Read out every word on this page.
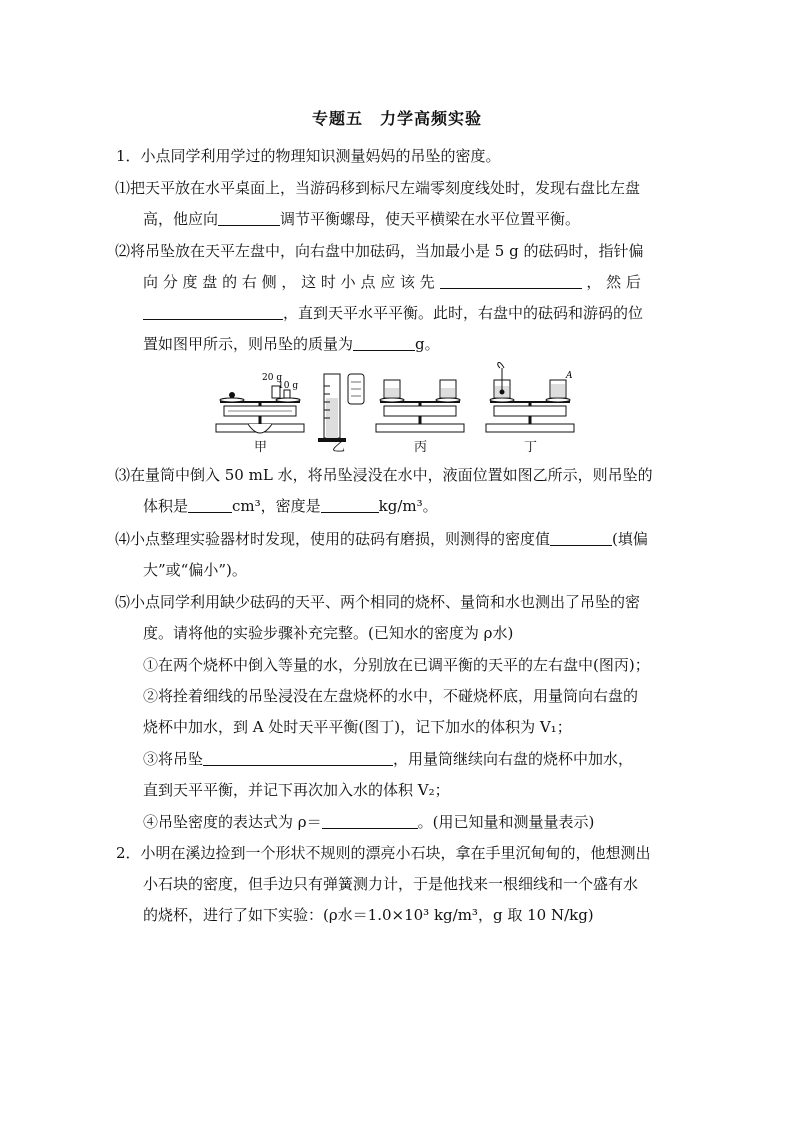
专题五　力学高频实验
1．小点同学利用学过的物理知识测量妈妈的吊坠的密度。
⑴把天平放在水平桌面上，当游码移到标尺左端零刻度线处时，发现右盘比左盘
高，他应向	调节平衡螺母，使天平横梁在水平位置平衡。
⑵将吊坠放在天平左盘中，向右盘中加砝码，当加最小是 5 g 的砝码时，指针偏
向 分 度 盘 的 右 侧 ， 这 时 小 点 应 该 先	， 然 后
，直到天平水平平衡。此时，右盘中的砝码和游码的位
置如图甲所示，则吊坠的质量为	g。
20 g
10 g
A
甲	乙	丙	丁
⑶在量筒中倒入 50 mL 水，将吊坠浸没在水中，液面位置如图乙所示，则吊坠的
体积是	cm³，密度是	kg/m³。
⑷小点整理实验器材时发现，使用的砝码有磨损，则测得的密度值	(填偏
大”或“偏小”)。
⑸小点同学利用缺少砝码的天平、两个相同的烧杯、量筒和水也测出了吊坠的密
度。请将他的实验步骤补充完整。(已知水的密度为 ρ水)
①在两个烧杯中倒入等量的水，分别放在已调平衡的天平的左右盘中(图丙)；
②将拴着细线的吊坠浸没在左盘烧杯的水中，不碰烧杯底，用量筒向右盘的
烧杯中加水，到 A 处时天平平衡(图丁)，记下加水的体积为 V₁；
③将吊坠	，用量筒继续向右盘的烧杯中加水，
直到天平平衡，并记下再次加入水的体积 V₂；
④吊坠密度的表达式为 ρ＝	。(用已知量和测量量表示)
2．小明在溪边捡到一个形状不规则的漂亮小石块，拿在手里沉甸甸的，他想测出
小石块的密度，但手边只有弹簧测力计，于是他找来一根细线和一个盛有水
的烧杯，进行了如下实验：(ρ水＝1.0×10³ kg/m³，g 取 10 N/kg)
